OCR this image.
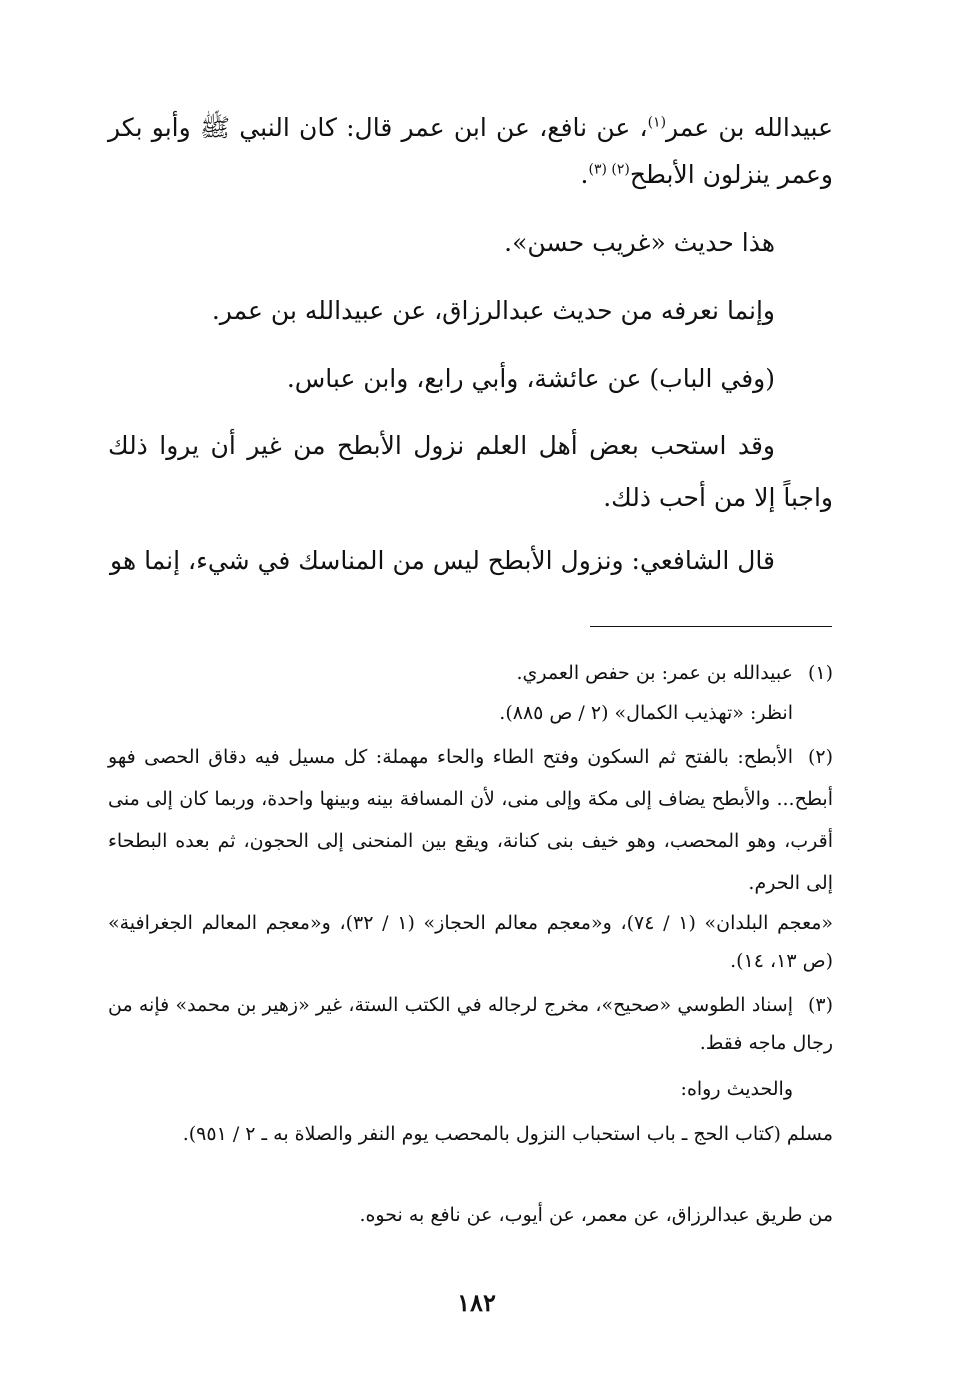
عبيدالله بن عمر$^{(١)}$، عن نافع، عن ابن عمر قال: كان النبي ﷺ وأبو بكر وعمر ينزلون الأبطح$^{(٢) (٣)}$.

هذا حديث «غريب حسن».

وإنما نعرفه من حديث عبدالرزاق، عن عبيدالله بن عمر.

(وفي الباب) عن عائشة، وأبي رابع، وابن عباس.

وقد استحب بعض أهل العلم نزول الأبطح من غير أن يروا ذلك واجباً إلا من أحب ذلك.

قال الشافعي: ونزول الأبطح ليس من المناسك في شيء، إنما هو

(١)عبيدالله بن عمر: بن حفص العمري.

انظر: «تهذيب الكمال» (٢ / ص ٨٨٥).

(٢)الأبطح: بالفتح ثم السكون وفتح الطاء والحاء مهملة: كل مسيل فيه دقاق الحصى فهو أبطح... والأبطح يضاف إلى مكة وإلى منى، لأن المسافة بينه وبينها واحدة، وربما كان إلى منى أقرب، وهو المحصب، وهو خيف بنى كنانة، ويقع بين المنحنى إلى الحجون، ثم بعده البطحاء إلى الحرم.

«معجم البلدان» (١ / ٧٤)، و«معجم معالم الحجاز» (١ / ٣٢)، و«معجم المعالم الجغرافية» (ص ١٣، ١٤).

(٣)إسناد الطوسي «صحيح»، مخرج لرجاله في الكتب الستة، غير «زهير بن محمد» فإنه من رجال ماجه فقط.

والحديث رواه:

مسلم (كتاب الحج ـ باب استحباب النزول بالمحصب يوم النفر والصلاة به ـ ٢ / ٩٥١).

من طريق عبدالرزاق، عن معمر، عن أيوب، عن نافع به نحوه.

١٨٢
